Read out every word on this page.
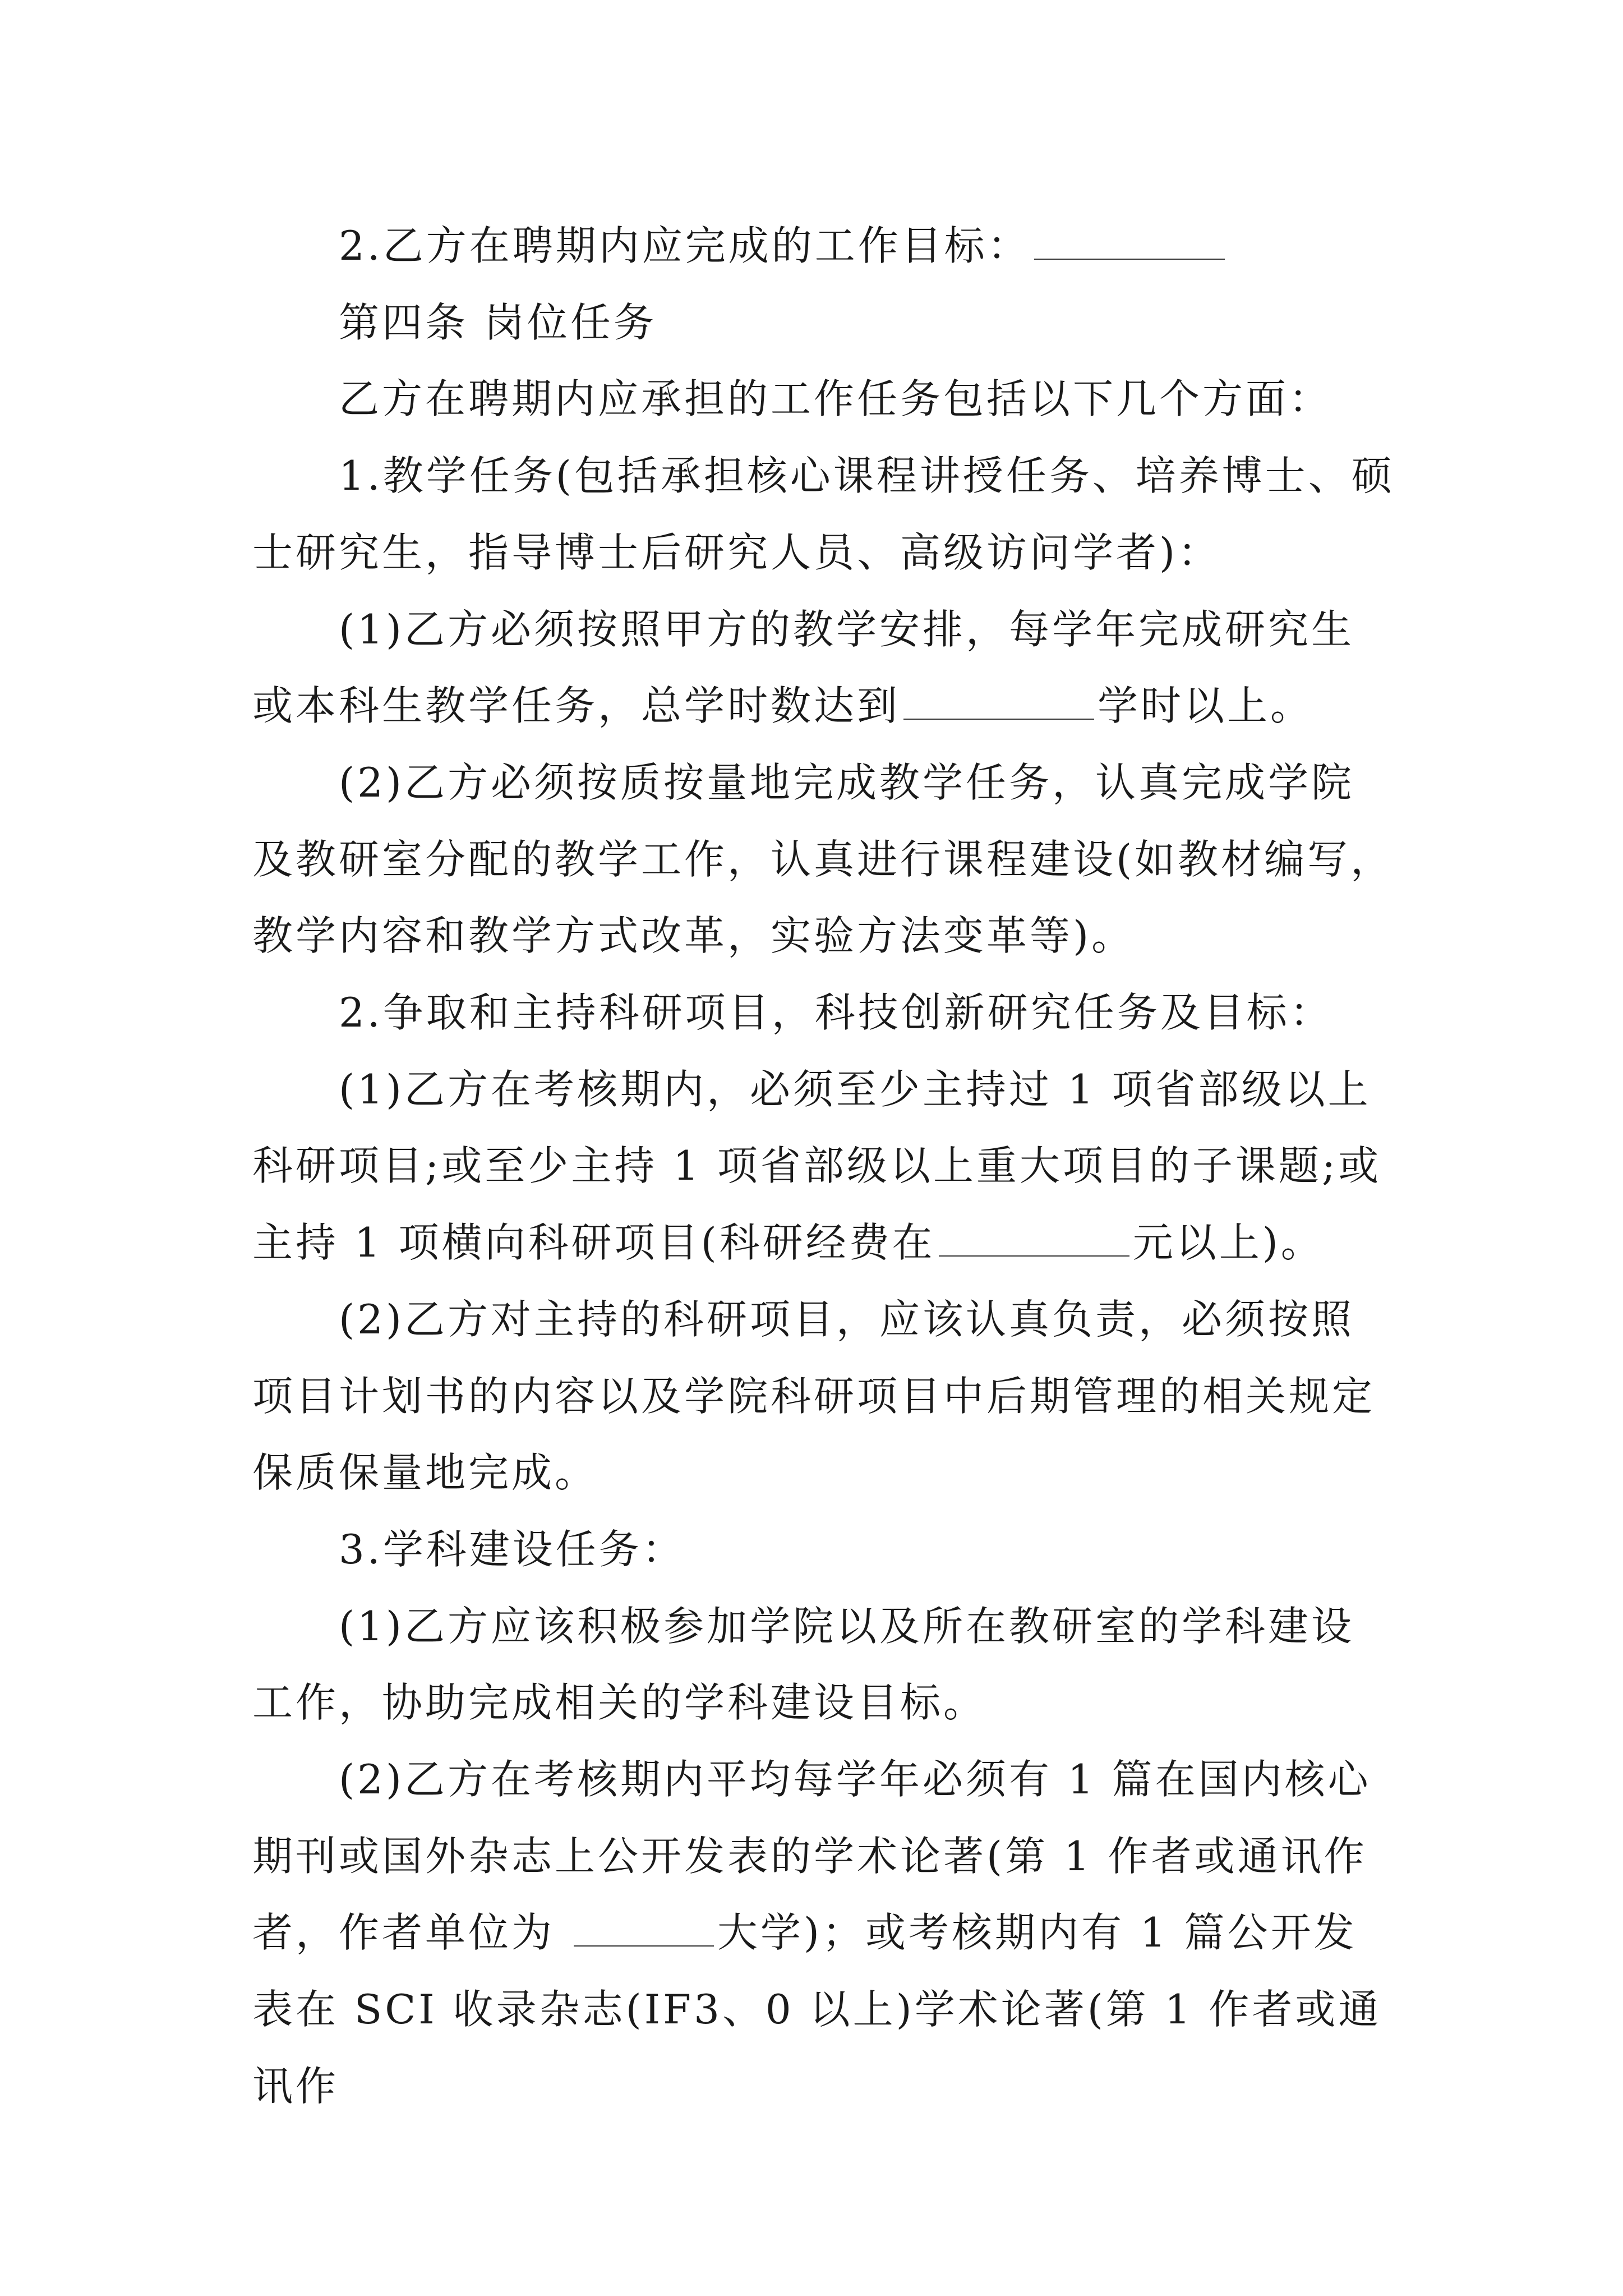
2.乙方在聘期内应完成的工作目标：

第四条 岗位任务

乙方在聘期内应承担的工作任务包括以下几个方面：

1.教学任务(包括承担核心课程讲授任务、培养博士、硕士研究生，指导博士后研究人员、高级访问学者)：

(1)乙方必须按照甲方的教学安排，每学年完成研究生或本科生教学任务，总学时数达到	学时以上。

(2)乙方必须按质按量地完成教学任务，认真完成学院及教研室分配的教学工作，认真进行课程建设(如教材编写，教学内容和教学方式改革，实验方法变革等)。

2.争取和主持科研项目，科技创新研究任务及目标：

(1)乙方在考核期内，必须至少主持过 1 项省部级以上科研项目;或至少主持 1 项省部级以上重大项目的子课题;或主持 1 项横向科研项目(科研经费在	元以上)。

(2)乙方对主持的科研项目，应该认真负责，必须按照项目计划书的内容以及学院科研项目中后期管理的相关规定保质保量地完成。

3.学科建设任务：

(1)乙方应该积极参加学院以及所在教研室的学科建设工作，协助完成相关的学科建设目标。

(2)乙方在考核期内平均每学年必须有 1 篇在国内核心期刊或国外杂志上公开发表的学术论著(第 1 作者或通讯作者，作者单位为	大学)；或考核期内有 1 篇公开发表在 SCI 收录杂志(IF3、0 以上)学术论著(第 1 作者或通讯作
